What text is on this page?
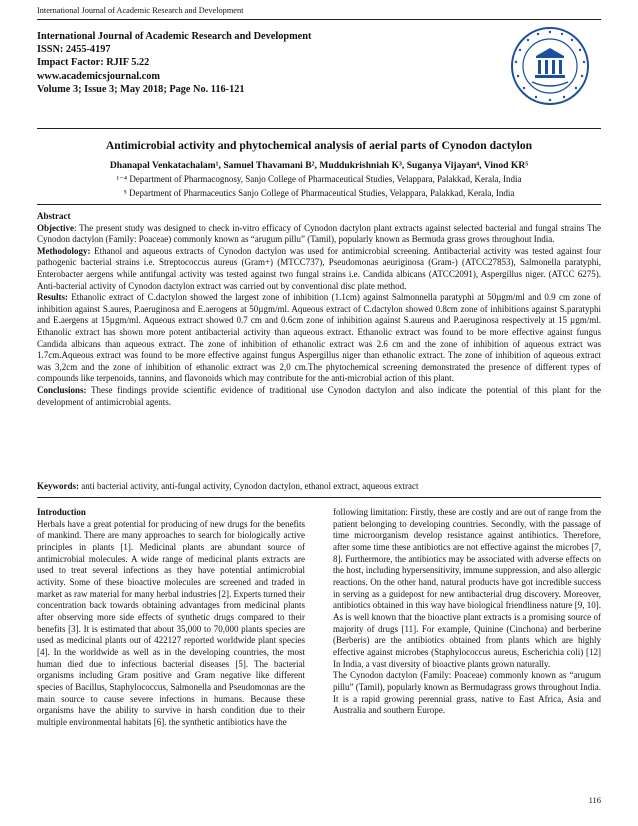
International Journal of Academic Research and Development
International Journal of Academic Research and Development
ISSN: 2455-4197
Impact Factor: RJIF 5.22
www.academicsjournal.com
Volume 3; Issue 3; May 2018; Page No. 116-121
Antimicrobial activity and phytochemical analysis of aerial parts of Cynodon dactylon
Dhanapal Venkatachalam¹, Samuel Thavamani B², Muddukrishniah K³, Suganya Vijayan⁴, Vinod KR⁵
¹⁻⁴ Department of Pharmacognosy, Sanjo College of Pharmaceutical Studies, Velappara, Palakkad, Kerala, India
⁵ Department of Pharmaceutics Sanjo College of Pharmaceutical Studies, Velappara, Palakkad, Kerala, India

Abstract

Objective: The present study was designed to check in-vitro efficacy of Cynodon dactylon plant extracts against selected bacterial and fungal strains The Cynodon dactylon (Family: Poaceae) commonly known as “arugum pillu” (Tamil), popularly known as Bermuda grass grows throughout India.

Methodology: Ethanol and aqueous extracts of Cynodon dactylon was used for antimicrobial screening. Antibacterial activity was tested against four pathogenic bacterial strains i.e. Streptococcus aureus (Gram+) (MTCC737), Pseudomonas aeuriginosa (Gram-) (ATCC27853), Salmonella paratyphi, Enterobacter aergens while antifungal activity was tested against two fungal strains i.e. Candida albicans (ATCC2091), Aspergillus niger. (ATCC 6275). Anti-bacterial activity of Cynodon dactylon extract was carried out by conventional disc plate method.

Results: Ethanolic extract of C.dactylon showed the largest zone of inhibition (1.1cm) against Salmonnella paratyphi at 50µgm/ml and 0.9 cm zone of inhibition against S.aures, P.aeruginosa and E.aerogens at 50µgm/ml. Aqueous extract of C.dactylon showed 0.8cm zone of inhibitions against S.paratyphi and E.aergens at 15µgm/ml. Aqueous extract showed 0.7 cm and 0.6cm zone of inhibition against S.aureus and P.aeruginosa respectively at 15 µgm/ml. Ethanolic extract has shown more potent antibacterial activity than aqueous extract. Ethanolic extract was found to be more effective against fungus Candida albicans than aqueous extract. The zone of inhibition of ethanolic extract was 2.6 cm and the zone of inhibition of aqueous extract was 1.7cm.Aqueous extract was found to be more effective against fungus Aspergillus niger than ethanolic extract. The zone of inhibition of aqueous extract was 3,2cm and the zone of inhibition of ethanolic extract was 2,0 cm.The phytochemical screening demonstrated the presence of different types of compounds like terpenoids, tannins, and flavonoids which may contribute for the anti-microbial action of this plant.

Conclusions: These findings provide scientific evidence of traditional use Cynodon dactylon and also indicate the potential of this plant for the development of antimicrobial agents.

Keywords: anti bacterial activity, anti-fungal activity, Cynodon dactylon, ethanol extract, aqueous extract

Introduction

Herbals have a great potential for producing of new drugs for the benefits of mankind. There are many approaches to search for biologically active principles in plants [1]. Medicinal plants are abundant source of antimicrobial molecules. A wide range of medicinal plants extracts are used to treat several infections as they have potential antimicrobial activity. Some of these bioactive molecules are screened and traded in market as raw material for many herbal industries [2]. Experts turned their concentration back towards obtaining advantages from medicinal plants after observing more side effects of synthetic drugs compared to their benefits [3]. It is estimated that about 35,000 to 70,000 plants species are used as medicinal plants out of 422127 reported worldwide plant species [4]. In the worldwide as well as in the developing countries, the most human died due to infectious bacterial diseases [5]. The bacterial organisms including Gram positive and Gram negative like different species of Bacillus, Staphylococcus, Salmonella and Pseudomonas are the main source to cause severe infections in humans. Because these organisms have the ability to survive in harsh condition due to their multiple environmental habitats [6]. the synthetic antibiotics have the

following limitation: Firstly, these are costly and are out of range from the patient belonging to developing countries. Secondly, with the passage of time microorganism develop resistance against antibiotics. Therefore, after some time these antibiotics are not effective against the microbes [7, 8]. Furthermore, the antibiotics may be associated with adverse effects on the host, including hypersensitivity, immune suppression, and also allergic reactions. On the other hand, natural products have got incredible success in serving as a guidepost for new antibacterial drug discovery. Moreover, antibiotics obtained in this way have biological friendliness nature [9, 10]. As is well known that the bioactive plant extracts is a promising source of majority of drugs [11]. For example, Quinine (Cinchona) and berberine (Berberis) are the antibiotics obtained from plants which are highly effective against microbes (Staphylococcus aureus, Escherichia coli) [12] In India, a vast diversity of bioactive plants grown naturally.

The Cynodon dactylon (Family: Poaceae) commonly known as “arugum pillu” (Tamil), popularly known as Bermudagrass grows throughout India. It is a rapid growing perennial grass, native to East Africa, Asia and Australia and southern Europe.

116
